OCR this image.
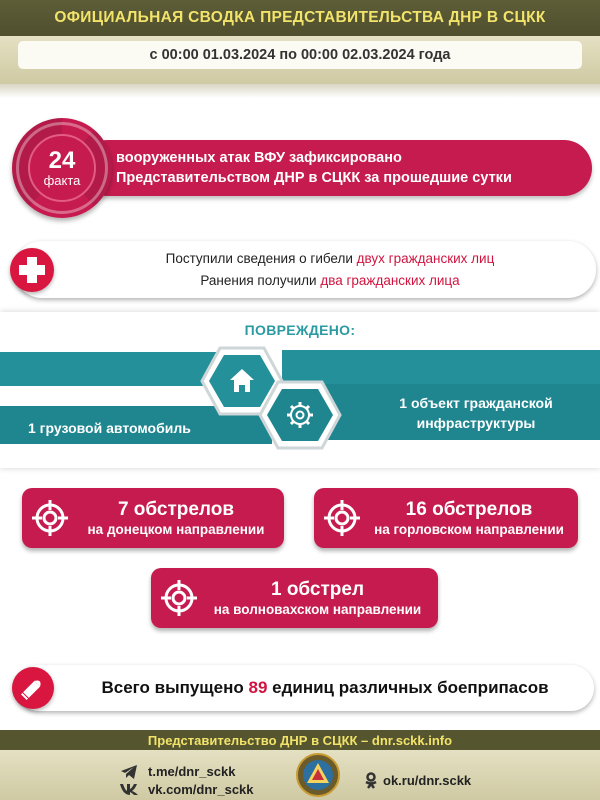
ОФИЦИАЛЬНАЯ СВОДКА ПРЕДСТАВИТЕЛЬСТВА ДНР В СЦКК
с 00:00 01.03.2024 по 00:00 02.03.2024 года
вооруженных атак ВФУ зафиксировано
Представительством ДНР в СЦКК за прошедшие сутки
24
факта
Поступили сведения о гибели двух гражданских лиц
Ранения получили два гражданских лица
ПОВРЕЖДЕНО:
1 грузовой автомобиль
1 объект гражданской
инфраструктуры
7 обстрелов
на донецком направлении
16 обстрелов
на горловском направлении
1 обстрел
на волновахском направлении
Всего выпущено 89 единиц различных боеприпасов
Представительство ДНР в СЦКК – dnr.sckk.info
t.me/dnr_sckk
vk.com/dnr_sckk
ok.ru/dnr.sckk
